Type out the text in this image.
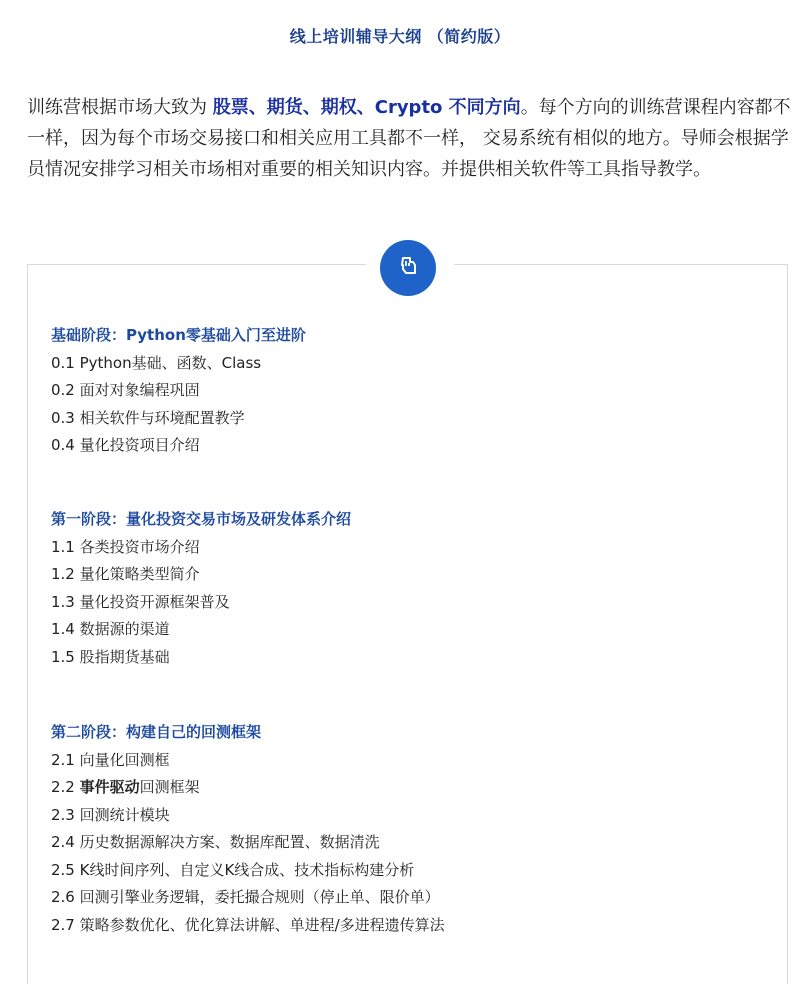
线上培训辅导大纲 （简约版）

训练营根据市场大致为 股票、期货、期权、Crypto 不同方向。每个方向的训练营课程内容都不一样，因为每个市场交易接口和相关应用工具都不一样， 交易系统有相似的地方。导师会根据学员情况安排学习相关市场相对重要的相关知识内容。并提供相关软件等工具指导教学。

基础阶段：Python零基础入门至进阶
0.1 Python基础、函数、Class
0.2 面对对象编程巩固
0.3 相关软件与环境配置教学
0.4 量化投资项目介绍
第一阶段：量化投资交易市场及研发体系介绍
1.1 各类投资市场介绍
1.2 量化策略类型简介
1.3 量化投资开源框架普及
1.4 数据源的渠道
1.5 股指期货基础
第二阶段：构建自己的回测框架
2.1 向量化回测框
2.2 事件驱动回测框架
2.3 回测统计模块
2.4 历史数据源解决方案、数据库配置、数据清洗
2.5 K线时间序列、自定义K线合成、技术指标构建分析
2.6 回测引擎业务逻辑，委托撮合规则（停止单、限价单）
2.7 策略参数优化、优化算法讲解、单进程/多进程遗传算法
